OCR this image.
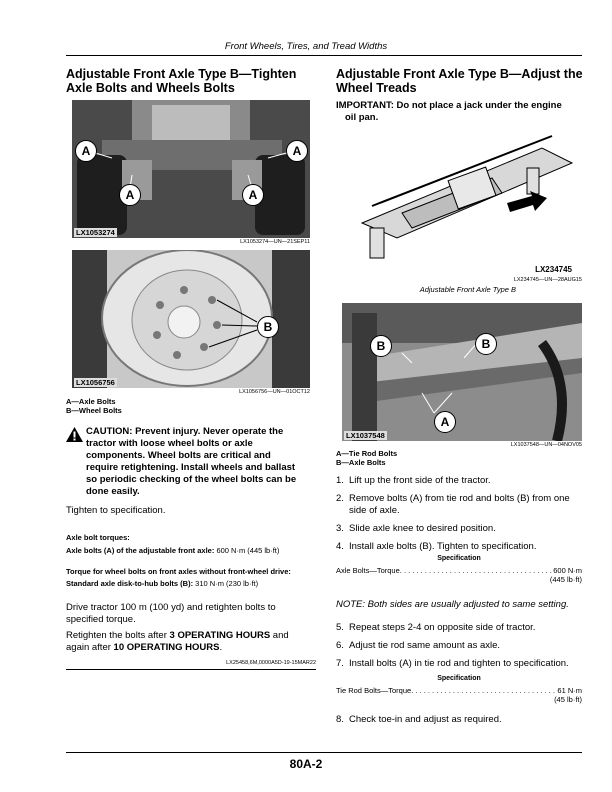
Front Wheels, Tires, and Tread Widths
Adjustable Front Axle Type B—Tighten
Axle Bolts and Wheels Bolts
A	A
A	A
LX1053274
LX1053274—UN—21SEP11
B
LX1056756
LX1056756—UN—01OCT12
A—Axle Bolts
B—Wheel Bolts
CAUTION: Prevent injury. Never operate the
tractor with loose wheel bolts or axle
components. Wheel bolts are critical and
require retightening. Install wheels and ballast
so periodic checking of the wheel bolts can be
done easily.
Tighten to specification.
Axle bolt torques:
Axle bolts (A) of the adjustable front axle: 600 N·m (445 lb·ft)
Torque for wheel bolts on front axles without front-wheel drive:
Standard axle disk-to-hub bolts (B): 310 N·m (230 lb·ft)
Drive tractor 100 m (100 yd) and retighten bolts to
specified torque.
Retighten the bolts after 3 OPERATING HOURS and
again after 10 OPERATING HOURS.
LX25458,6M,0000A5D-19-15MAR22
Adjustable Front Axle Type B—Adjust the
Wheel Treads
IMPORTANT: Do not place a jack under the engine
oil pan.
LX234745
LX234745—UN—28AUG15
Adjustable Front Axle Type B
B	B
A
LX1037548
LX1037548—UN—04NOV05
A—Tie Rod Bolts
B—Axle Bolts
1. Lift up the front side of the tractor.
2. Remove bolts (A) from tie rod and bolts (B) from one side of axle.
3. Slide axle knee to desired position.
4. Install axle bolts (B). Tighten to specification.
Specification
Axle Bolts—Torque . . .	600 N·m
(445 lb·ft)
NOTE: Both sides are usually adjusted to same setting.
5. Repeat steps 2-4 on opposite side of tractor.
6. Adjust tie rod same amount as axle.
7. Install bolts (A) in tie rod and tighten to specification.
Specification
Tie Rod Bolts—Torque . . .	61 N·m
(45 lb·ft)
8. Check toe-in and adjust as required.
80A-2
